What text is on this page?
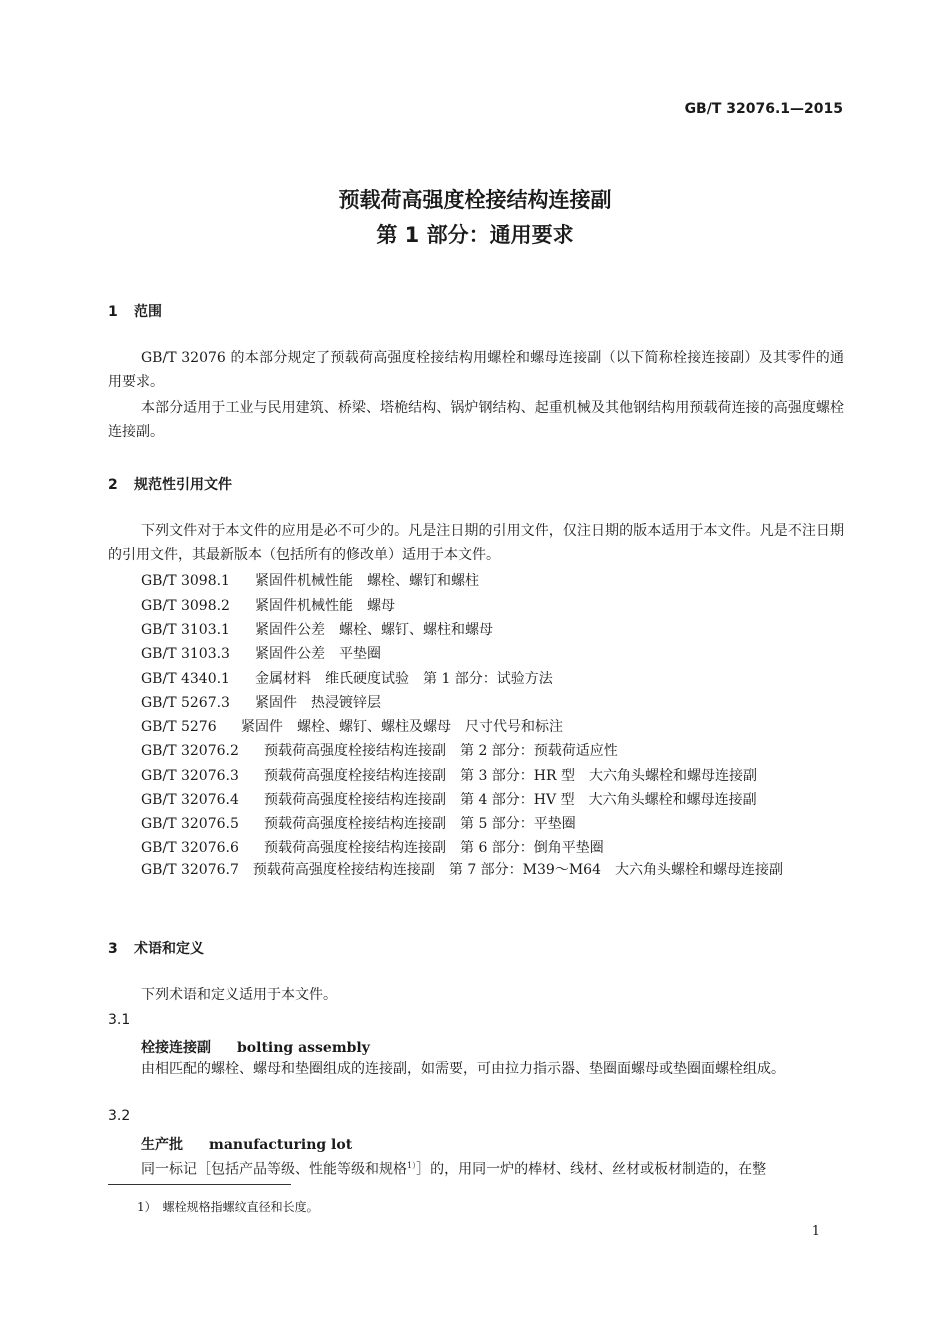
GB/T 32076.1—2015
预载荷高强度栓接结构连接副
第 1 部分：通用要求
1 范围

GB/T 32076 的本部分规定了预载荷高强度栓接结构用螺栓和螺母连接副（以下简称栓接连接副）及其零件的通用要求。

本部分适用于工业与民用建筑、桥梁、塔桅结构、锅炉钢结构、起重机械及其他钢结构用预载荷连接的高强度螺栓连接副。

2 规范性引用文件

下列文件对于本文件的应用是必不可少的。凡是注日期的引用文件，仅注日期的版本适用于本文件。凡是不注日期的引用文件，其最新版本（包括所有的修改单）适用于本文件。

GB/T 3098.1 紧固件机械性能　螺栓、螺钉和螺柱
GB/T 3098.2 紧固件机械性能　螺母
GB/T 3103.1 紧固件公差　螺栓、螺钉、螺柱和螺母
GB/T 3103.3 紧固件公差　平垫圈
GB/T 4340.1 金属材料　维氏硬度试验　第 1 部分：试验方法
GB/T 5267.3 紧固件　热浸镀锌层
GB/T 5276 紧固件　螺栓、螺钉、螺柱及螺母　尺寸代号和标注
GB/T 32076.2 预载荷高强度栓接结构连接副　第 2 部分：预载荷适应性
GB/T 32076.3 预载荷高强度栓接结构连接副　第 3 部分：HR 型　大六角头螺栓和螺母连接副
GB/T 32076.4 预载荷高强度栓接结构连接副　第 4 部分：HV 型　大六角头螺栓和螺母连接副
GB/T 32076.5 预载荷高强度栓接结构连接副　第 5 部分：平垫圈
GB/T 32076.6 预载荷高强度栓接结构连接副　第 6 部分：倒角平垫圈
GB/T 32076.7　预载荷高强度栓接结构连接副　第 7 部分：M39～M64　大六角头螺栓和螺母连接副
3 术语和定义

下列术语和定义适用于本文件。

3.1
栓接连接副 bolting assembly

由相匹配的螺栓、螺母和垫圈组成的连接副，如需要，可由拉力指示器、垫圈面螺母或垫圈面螺栓组成。

3.2
生产批 manufacturing lot

同一标记［包括产品等级、性能等级和规格$^{1)}$］的，用同一炉的棒材、线材、丝材或板材制造的，在整

1）　螺栓规格指螺纹直径和长度。
1
